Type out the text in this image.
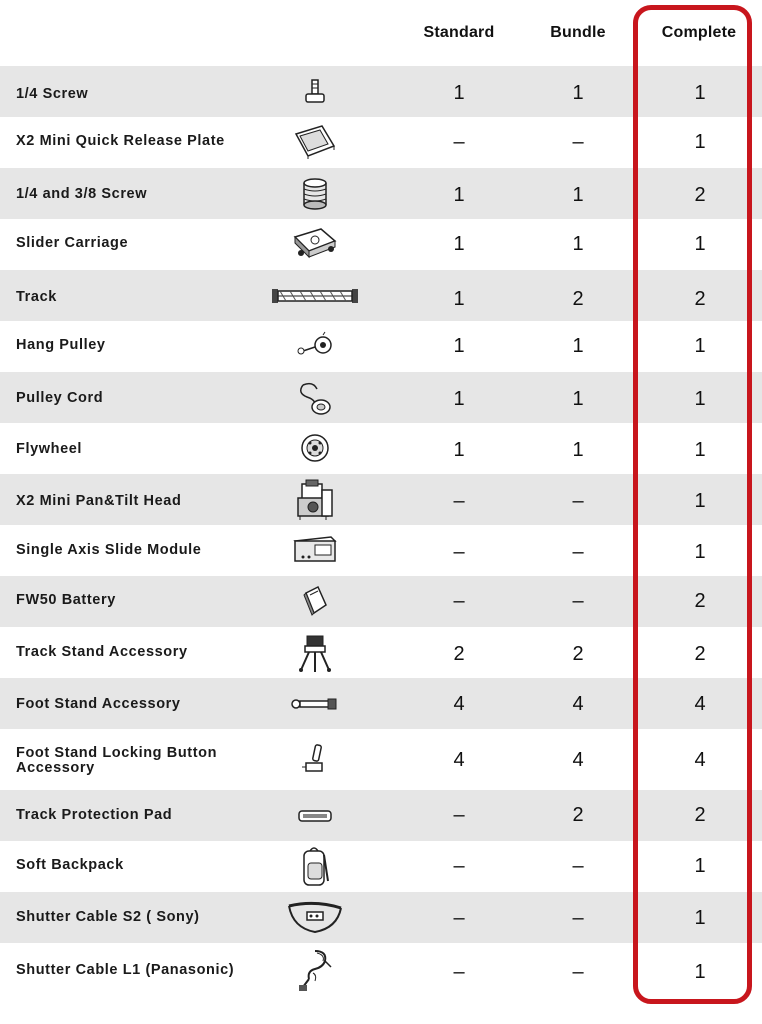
Standard	Bundle	Complete
1/4 Screw	1	1	1
X2 Mini Quick Release Plate	–	–	1
1/4 and 3/8 Screw	1	1	2
Slider Carriage	1	1	1
Track	1	2	2
Hang Pulley	1	1	1
Pulley Cord	1	1	1
Flywheel	1	1	1
X2 Mini Pan&Tilt Head	–	–	1
Single Axis Slide Module	–	–	1
FW50 Battery	–	–	2
Track Stand Accessory	2	2	2
Foot Stand Accessory	4	4	4
Foot Stand Locking Button
Accessory	4	4	4
Track Protection Pad	–	2	2
Soft Backpack	–	–	1
Shutter Cable S2 ( Sony)	–	–	1
Shutter Cable L1 (Panasonic)	–	–	1
